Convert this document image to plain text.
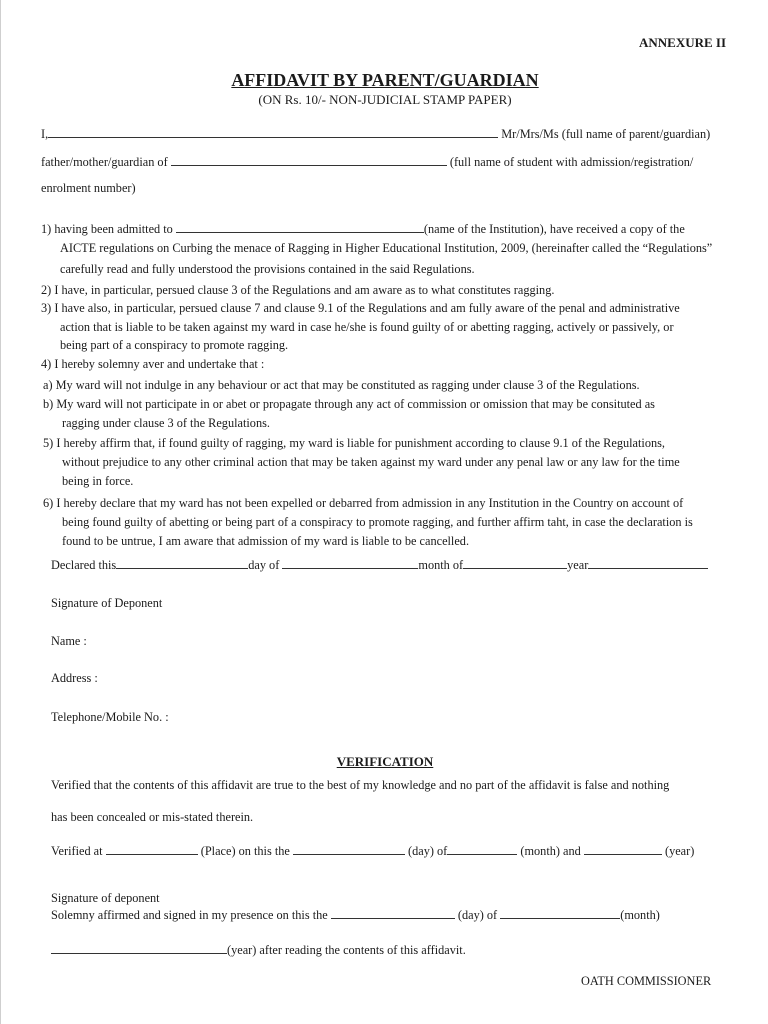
ANNEXURE II
AFFIDAVIT BY PARENT/GUARDIAN
(ON Rs. 10/- NON-JUDICIAL STAMP PAPER)
I,	Mr/Mrs/Ms (full name of parent/guardian)
father/mother/guardian of	(full name of student with admission/registration/
enrolment number)
1) having been admitted to	(name of the Institution), have received a copy of the
AICTE regulations on Curbing the menace of Ragging in Higher Educational Institution, 2009, (hereinafter called the “Regulations”
carefully read and fully understood the provisions contained in the said Regulations.
2) I have, in particular, persued clause 3 of the Regulations and am aware as to what constitutes ragging.
3) I have also, in particular, persued clause 7 and clause 9.1 of the Regulations and am fully aware of the penal and administrative
action that is liable to be taken against my ward in case he/she is found guilty of or abetting ragging, actively or passively, or
being part of a conspiracy to promote ragging.
4) I hereby solemny aver and undertake that :
a) My ward will not indulge in any behaviour or act that may be constituted as ragging under clause 3 of the Regulations.
b) My ward will not participate in or abet or propagate through any act of commission or omission that may be consituted as
ragging under clause 3 of the Regulations.
5) I hereby affirm that, if found guilty of ragging, my ward is liable for punishment according to clause 9.1 of the Regulations,
without prejudice to any other criminal action that may be taken against my ward under any penal law or any law for the time
being in force.
6) I hereby declare that my ward has not been expelled or debarred from admission in any Institution in the Country on account of
being found guilty of abetting or being part of a conspiracy to promote ragging, and further affirm taht, in case the declaration is
found to be untrue, I am aware that admission of my ward is liable to be cancelled.
Declared this	day of	month of	year
Signature of Deponent
Name :
Address :
Telephone/Mobile No. :
VERIFICATION
Verified that the contents of this affidavit are true to the best of my knowledge and no part of the affidavit is false and nothing
has been concealed or mis-stated therein.
Verified at	(Place) on this the	(day) of	(month) and	(year)
Signature of deponent
Solemny affirmed and signed in my presence on this the	(day) of	(month)
(year) after reading the contents of this affidavit.
OATH COMMISSIONER
